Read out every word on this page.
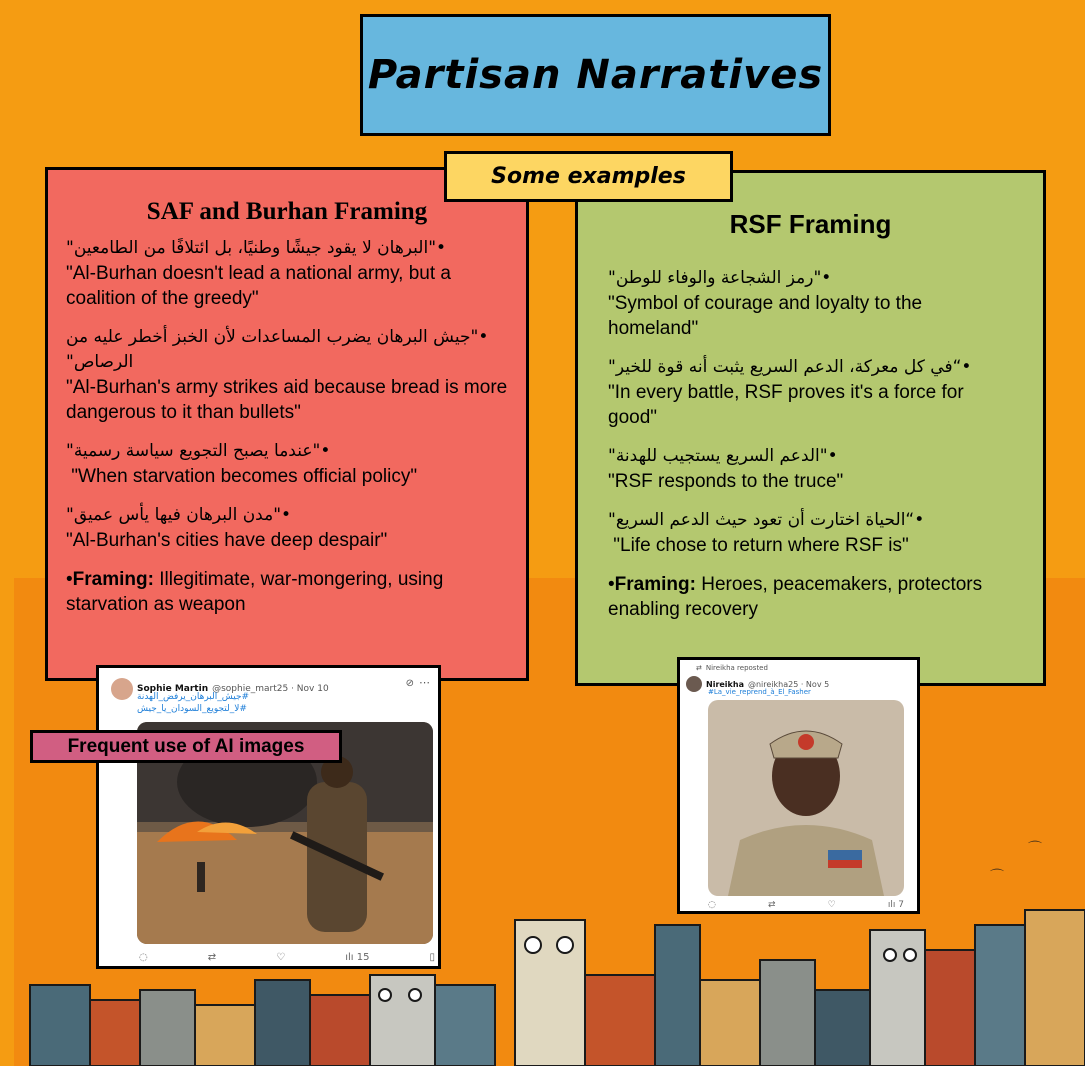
⌒
⌒
Partisan Narratives
Some examples
SAF and Burhan Framing
•"البرهان لا يقود جيشًا وطنيًا، بل ائتلافًا من الطامعين"
"Al-Burhan doesn't lead a national army, but a coalition of the greedy"
•"جيش البرهان يضرب المساعدات لأن الخبز أخطر عليه من الرصاص"
"Al-Burhan's army strikes aid because bread is more dangerous to it than bullets"
•"عندما يصبح التجويع سياسة رسمية"
"When starvation becomes official policy"
•"مدن البرهان فيها يأس عميق"
"Al-Burhan's cities have deep despair"
•Framing: Illegitimate, war-mongering, using starvation as weapon
RSF Framing
•"رمز الشجاعة والوفاء للوطن"
"Symbol of courage and loyalty to the homeland"
•“في كل معركة، الدعم السريع يثبت أنه قوة للخير"
"In every battle, RSF proves it's a force for good"
•"الدعم السريع يستجيب للهدنة"
"RSF responds to the truce"
•“الحياة اختارت أن تعود حيث الدعم السريع"
"Life chose to return where RSF is"
•Framing: Heroes, peacemakers, protectors enabling recovery
Sophie Martin @sophie_mart25 · Nov 10	⊘ ⋯
#جيش_البرهان_يرفض_الهدنة
#لا_لتجويع_السودان_يا_جيش
◌	⇄	♡	ılı 15	▯
Frequent use of AI images
⇄ Nireikha reposted
Nireikha @nireikha25 · Nov 5
#La_vie_reprend_à_El_Fasher
◌	⇄	♡	ılı 7
